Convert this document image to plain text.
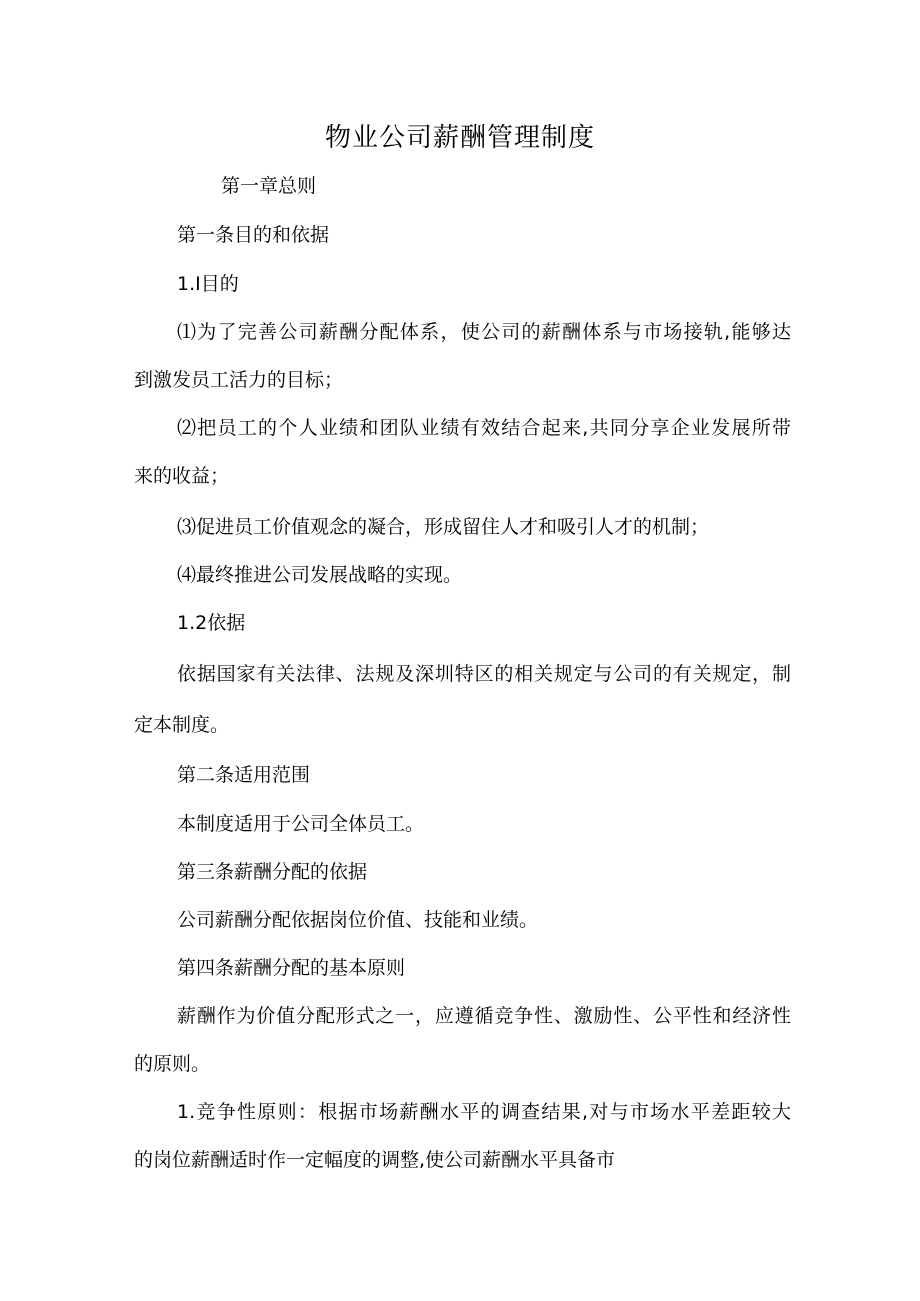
物业公司薪酬管理制度
第一章总则
第一条目的和依据
1.Ⅰ目的
⑴为了完善公司薪酬分配体系，使公司的薪酬体系与市场接轨,能够达
到激发员工活力的目标；
⑵把员工的个人业绩和团队业绩有效结合起来,共同分享企业发展所带
来的收益；
⑶促进员工价值观念的凝合，形成留住人才和吸引人才的机制；
⑷最终推进公司发展战略的实现。
1.2依据
依据国家有关法律、法规及深圳特区的相关规定与公司的有关规定，制
定本制度。
第二条适用范围
本制度适用于公司全体员工。
第三条薪酬分配的依据
公司薪酬分配依据岗位价值、技能和业绩。
第四条薪酬分配的基本原则
薪酬作为价值分配形式之一，应遵循竞争性、激励性、公平性和经济性
的原则。
1.竞争性原则：根据市场薪酬水平的调查结果,对与市场水平差距较大
的岗位薪酬适时作一定幅度的调整,使公司薪酬水平具备市
